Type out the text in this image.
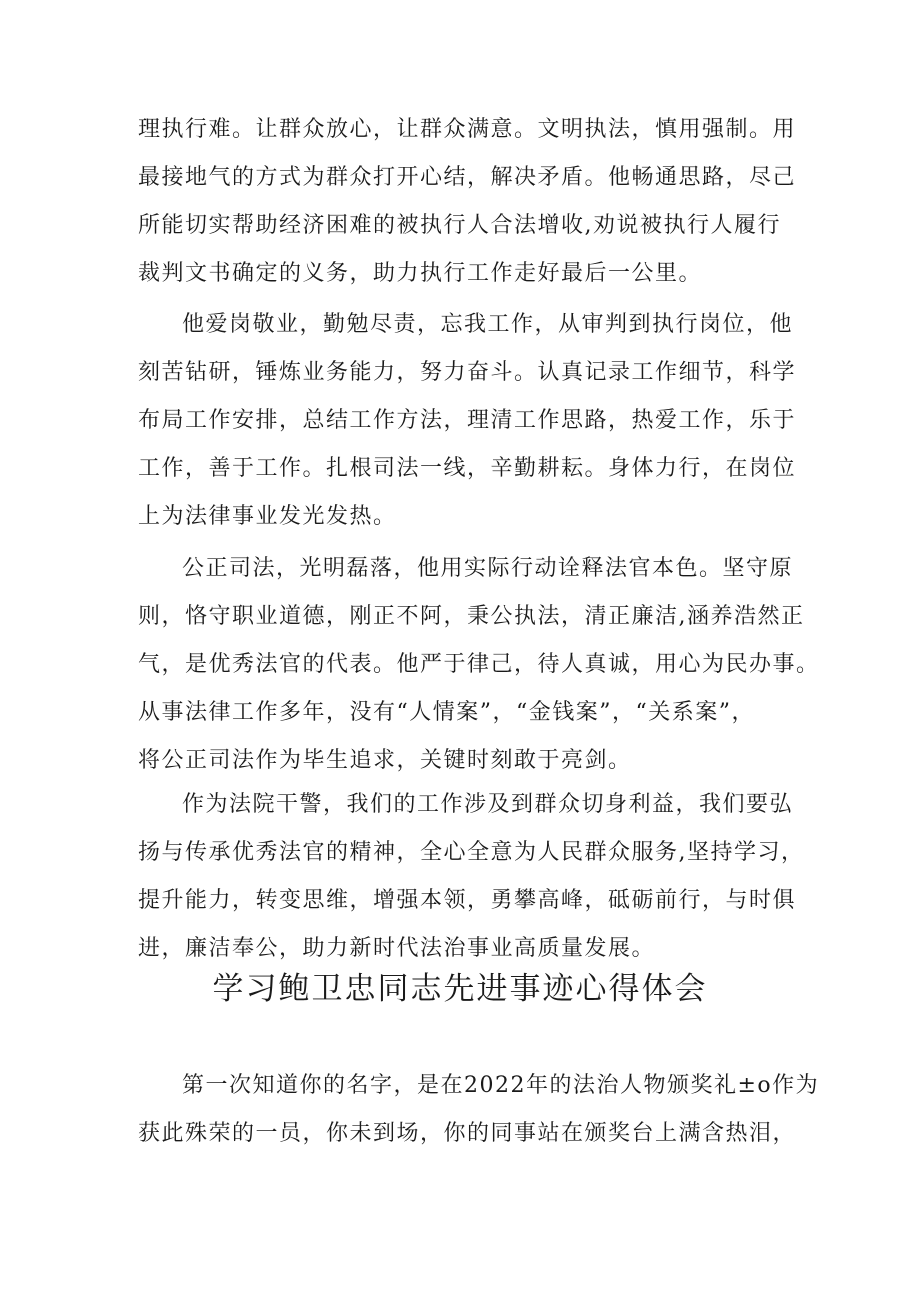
理执行难。让群众放心，让群众满意。文明执法，慎用强制。用
最接地气的方式为群众打开心结，解决矛盾。他畅通思路，尽己
所能切实帮助经济困难的被执行人合法增收,劝说被执行人履行
裁判文书确定的义务，助力执行工作走好最后一公里。
他爱岗敬业，勤勉尽责，忘我工作，从审判到执行岗位，他
刻苦钻研，锤炼业务能力，努力奋斗。认真记录工作细节，科学
布局工作安排，总结工作方法，理清工作思路，热爱工作，乐于
工作，善于工作。扎根司法一线，辛勤耕耘。身体力行，在岗位
上为法律事业发光发热。
公正司法，光明磊落，他用实际行动诠释法官本色。坚守原
则，恪守职业道德，刚正不阿，秉公执法，清正廉洁,涵养浩然正
气，是优秀法官的代表。他严于律己，待人真诚，用心为民办事。
从事法律工作多年，没有“人情案”，“金钱案”，“关系案”，
将公正司法作为毕生追求，关键时刻敢于亮剑。
作为法院干警，我们的工作涉及到群众切身利益，我们要弘
扬与传承优秀法官的精神，全心全意为人民群众服务,坚持学习，
提升能力，转变思维，增强本领，勇攀高峰，砥砺前行，与时俱
进，廉洁奉公，助力新时代法治事业高质量发展。
学习鲍卫忠同志先进事迹心得体会
第一次知道你的名字，是在2022年的法治人物颁奖礼±o作为
获此殊荣的一员，你未到场，你的同事站在颁奖台上满含热泪，
